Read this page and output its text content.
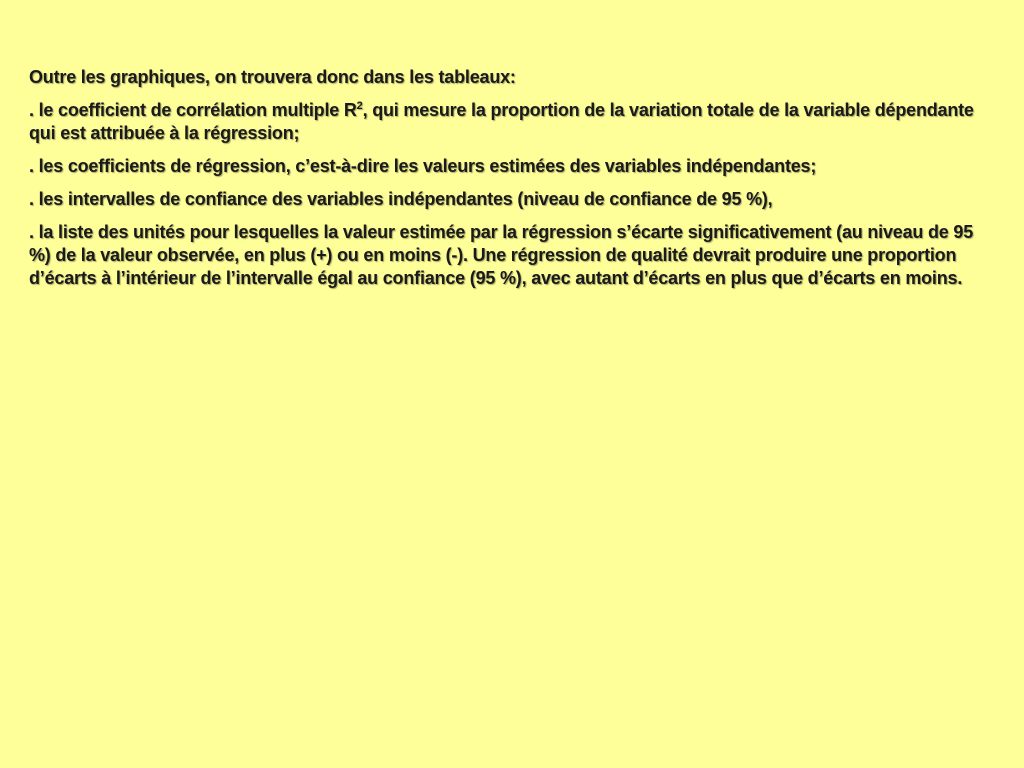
Outre les graphiques, on trouvera donc dans les tableaux:

. le coefficient de corrélation multiple $R^2$, qui mesure la proportion de la variation totale de la variable dépendante qui est attribuée à la régression;

. les coefficients de régression, c’est-à-dire les valeurs estimées des variables indépendantes;

. les intervalles de confiance des variables indépendantes (niveau de confiance de 95 %),

. la liste des unités pour lesquelles la valeur estimée par la régression s’écarte significativement (au niveau de 95 %) de la valeur observée, en plus (+) ou en moins (-). Une régression de qualité devrait produire une proportion d’écarts à l’intérieur de l’intervalle égal au confiance (95 %), avec autant d’écarts en plus que d’écarts en moins.
